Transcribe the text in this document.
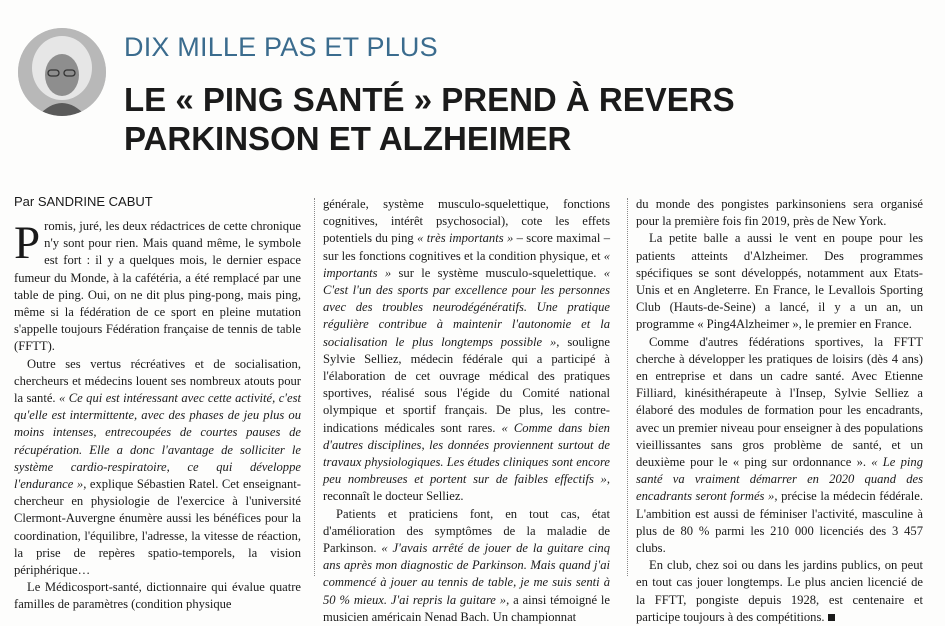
DIX MILLE PAS ET PLUS
LE « PING SANTÉ » PREND À REVERS
PARKINSON ET ALZHEIMER
Par SANDRINE CABUT

Promis, juré, les deux rédactrices de cette chronique n'y sont pour rien. Mais quand même, le symbole est fort : il y a quelques mois, le dernier espace fumeur du Monde, à la cafétéria, a été remplacé par une table de ping. Oui, on ne dit plus ping-pong, mais ping, même si la fédération de ce sport en pleine mutation s'appelle toujours Fédération française de tennis de table (FFTT).

Outre ses vertus récréatives et de socialisation, chercheurs et médecins louent ses nombreux atouts pour la santé. « Ce qui est intéressant avec cette activité, c'est qu'elle est intermittente, avec des phases de jeu plus ou moins intenses, entrecoupées de courtes pauses de récupération. Elle a donc l'avantage de solliciter le système cardio-respiratoire, ce qui développe l'endurance », explique Sébastien Ratel. Cet enseignant-chercheur en physiologie de l'exercice à l'université Clermont-Auvergne énumère aussi les bénéfices pour la coordination, l'équilibre, l'adresse, la vitesse de réaction, la prise de repères spatio-temporels, la vision périphérique…

Le Médicosport-santé, dictionnaire qui évalue quatre familles de paramètres (condition physique

générale, système musculo-squelettique, fonctions cognitives, intérêt psychosocial), cote les effets potentiels du ping « très importants » – score maximal – sur les fonctions cognitives et la condition physique, et « importants » sur le système musculo-squelettique. « C'est l'un des sports par excellence pour les personnes avec des troubles neurodégénératifs. Une pratique régulière contribue à maintenir l'autonomie et la socialisation le plus longtemps possible », souligne Sylvie Selliez, médecin fédérale qui a participé à l'élaboration de cet ouvrage médical des pratiques sportives, réalisé sous l'égide du Comité national olympique et sportif français. De plus, les contre-indications médicales sont rares. « Comme dans bien d'autres disciplines, les données proviennent surtout de travaux physiologiques. Les études cliniques sont encore peu nombreuses et portent sur de faibles effectifs », reconnaît le docteur Selliez.

Patients et praticiens font, en tout cas, état d'amélioration des symptômes de la maladie de Parkinson. « J'avais arrêté de jouer de la guitare cinq ans après mon diagnostic de Parkinson. Mais quand j'ai commencé à jouer au tennis de table, je me suis senti à 50 % mieux. J'ai repris la guitare », a ainsi témoigné le musicien américain Nenad Bach. Un championnat

du monde des pongistes parkinsoniens sera organisé pour la première fois fin 2019, près de New York.

La petite balle a aussi le vent en poupe pour les patients atteints d'Alzheimer. Des programmes spécifiques se sont développés, notamment aux Etats-Unis et en Angleterre. En France, le Levallois Sporting Club (Hauts-de-Seine) a lancé, il y a un an, un programme « Ping4Alzheimer », le premier en France.

Comme d'autres fédérations sportives, la FFTT cherche à développer les pratiques de loisirs (dès 4 ans) en entreprise et dans un cadre santé. Avec Etienne Filliard, kinésithérapeute à l'Insep, Sylvie Selliez a élaboré des modules de formation pour les encadrants, avec un premier niveau pour enseigner à des populations vieillissantes sans gros problème de santé, et un deuxième pour le « ping sur ordonnance ». « Le ping santé va vraiment démarrer en 2020 quand des encadrants seront formés », précise la médecin fédérale. L'ambition est aussi de féminiser l'activité, masculine à plus de 80 % parmi les 210 000 licenciés des 3 457 clubs.

En club, chez soi ou dans les jardins publics, on peut en tout cas jouer longtemps. Le plus ancien licencié de la FFTT, pongiste depuis 1928, est centenaire et participe toujours à des compétitions.
